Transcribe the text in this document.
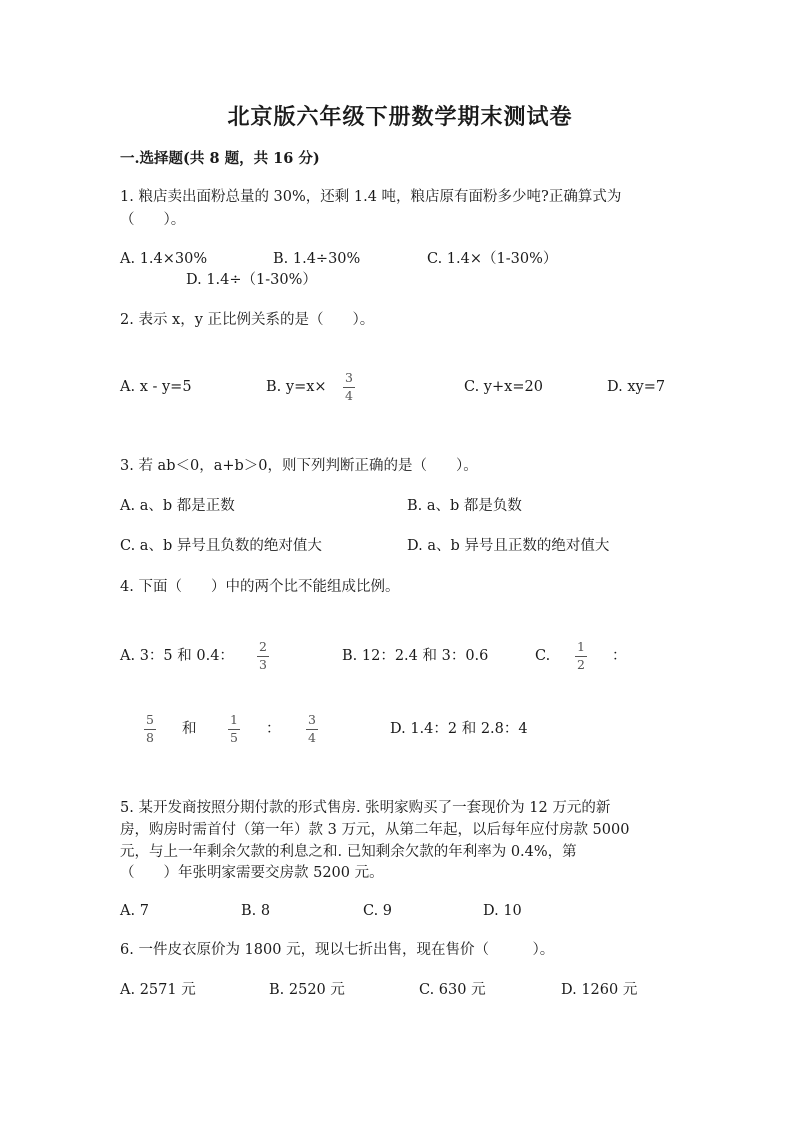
北京版六年级下册数学期末测试卷
一.选择题(共 8 题，共 16 分)
1. 粮店卖出面粉总量的 30%，还剩 1.4 吨，粮店原有面粉多少吨?正确算式为
（　　）。
A. 1.4×30%	B. 1.4÷30%	C. 1.4×（1-30%）
D. 1.4÷（1-30%）
2. 表示 x，y 正比例关系的是（　　）。
A. x - y=5	B. y=x×
3
4	C. y+x=20	D. xy=7
3. 若 ab＜0，a+b＞0，则下列判断正确的是（　　）。
A. a、b 都是正数	B. a、b 都是负数
C. a、b 异号且负数的绝对值大	D. a、b 异号且正数的绝对值大
4. 下面（　　）中的两个比不能组成比例。
A. 3：5 和 0.4：
2
3	B. 12：2.4 和 3：0.6	C.
1
2 ：
5
8 和
1
5 ：
3
4	D. 1.4：2 和 2.8：4
5. 某开发商按照分期付款的形式售房. 张明家购买了一套现价为 12 万元的新
房，购房时需首付（第一年）款 3 万元，从第二年起，以后每年应付房款 5000
元，与上一年剩余欠款的利息之和. 已知剩余欠款的年利率为 0.4%，第
（　　）年张明家需要交房款 5200 元。
A. 7	B. 8	C. 9	D. 10
6. 一件皮衣原价为 1800 元，现以七折出售，现在售价（　　　）。
A. 2571 元	B. 2520 元	C. 630 元	D. 1260 元
